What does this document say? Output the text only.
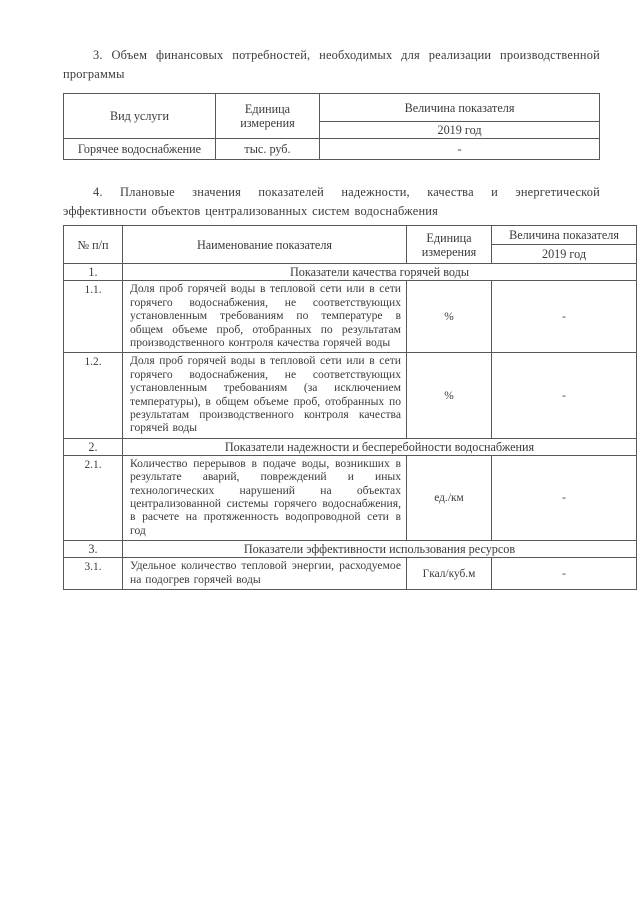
3. Объем финансовых потребностей, необходимых для реализации производственной программы

Вид услуги	Единица измерения	Величина показателя
		2019 год
Горячее водоснабжение	тыс. руб.	-

4. Плановые значения показателей надежности, качества и энергетической эффективности объектов централизованных систем водоснабжения

№ п/п	Наименование показателя	Единица измерения	Величина показателя
			2019 год
1.	Показатели качества горячей воды		
1.1.	Доля проб горячей воды в тепловой сети или в сети горячего водоснабжения, не соответствующих установленным требованиям по температуре в общем объеме проб, отобранных по результатам производственного контроля качества горячей воды	%	-
1.2.	Доля проб горячей воды в тепловой сети или в сети горячего водоснабжения, не соответствующих установленным требованиям (за исключением температуры), в общем объеме проб, отобранных по результатам производственного контроля качества горячей воды	%	-
2.	Показатели надежности и бесперебойности водоснабжения		
2.1.	Количество перерывов в подаче воды, возникших в результате аварий, повреждений и иных технологических нарушений на объектах централизованной системы горячего водоснабжения, в расчете на протяженность водопроводной сети в год	ед./км	-
3.	Показатели эффективности использования ресурсов		
3.1.	Удельное количество тепловой энергии, расходуемое на подогрев горячей воды	Гкал/куб.м	-
